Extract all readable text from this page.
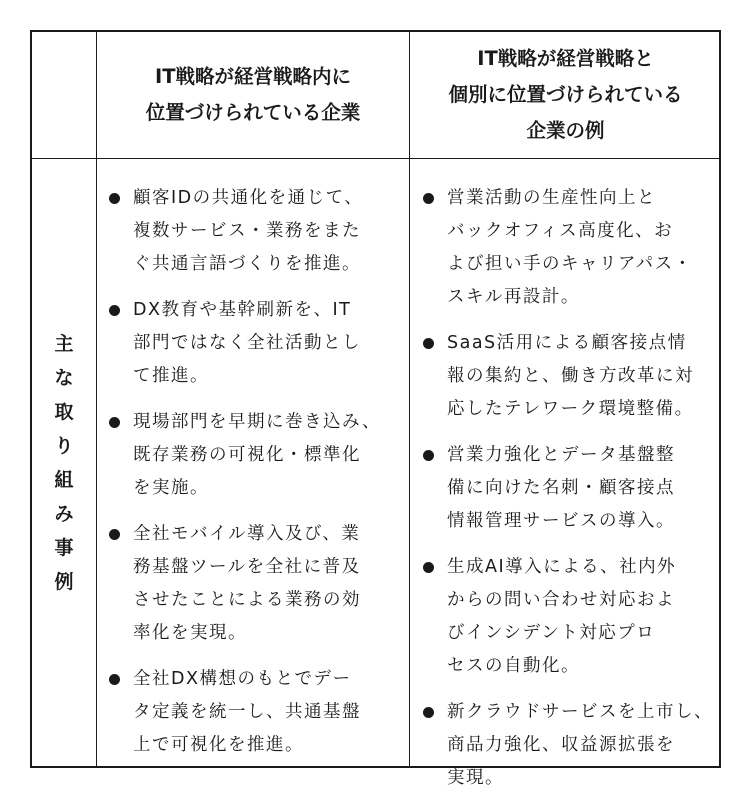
IT戦略が経営戦略内に
位置づけられている企業
IT戦略が経営戦略と
個別に位置づけられている
企業の例
主
な
取
り
組
み
事
例
顧客IDの共通化を通じて、
複数サービス・業務をまた
ぐ共通言語づくりを推進。
DX教育や基幹刷新を、IT
部門ではなく全社活動とし
て推進。
現場部門を早期に巻き込み、
既存業務の可視化・標準化
を実施。
全社モバイル導入及び、業
務基盤ツールを全社に普及
させたことによる業務の効
率化を実現。
全社DX構想のもとでデー
タ定義を統一し、共通基盤
上で可視化を推進。
営業活動の生産性向上と
バックオフィス高度化、お
よび担い手のキャリアパス・
スキル再設計。
SaaS活用による顧客接点情
報の集約と、働き方改革に対
応したテレワーク環境整備。
営業力強化とデータ基盤整
備に向けた名刺・顧客接点
情報管理サービスの導入。
生成AI導入による、社内外
からの問い合わせ対応およ
びインシデント対応プロ
セスの自動化。
新クラウドサービスを上市し、
商品力強化、収益源拡張を
実現。
